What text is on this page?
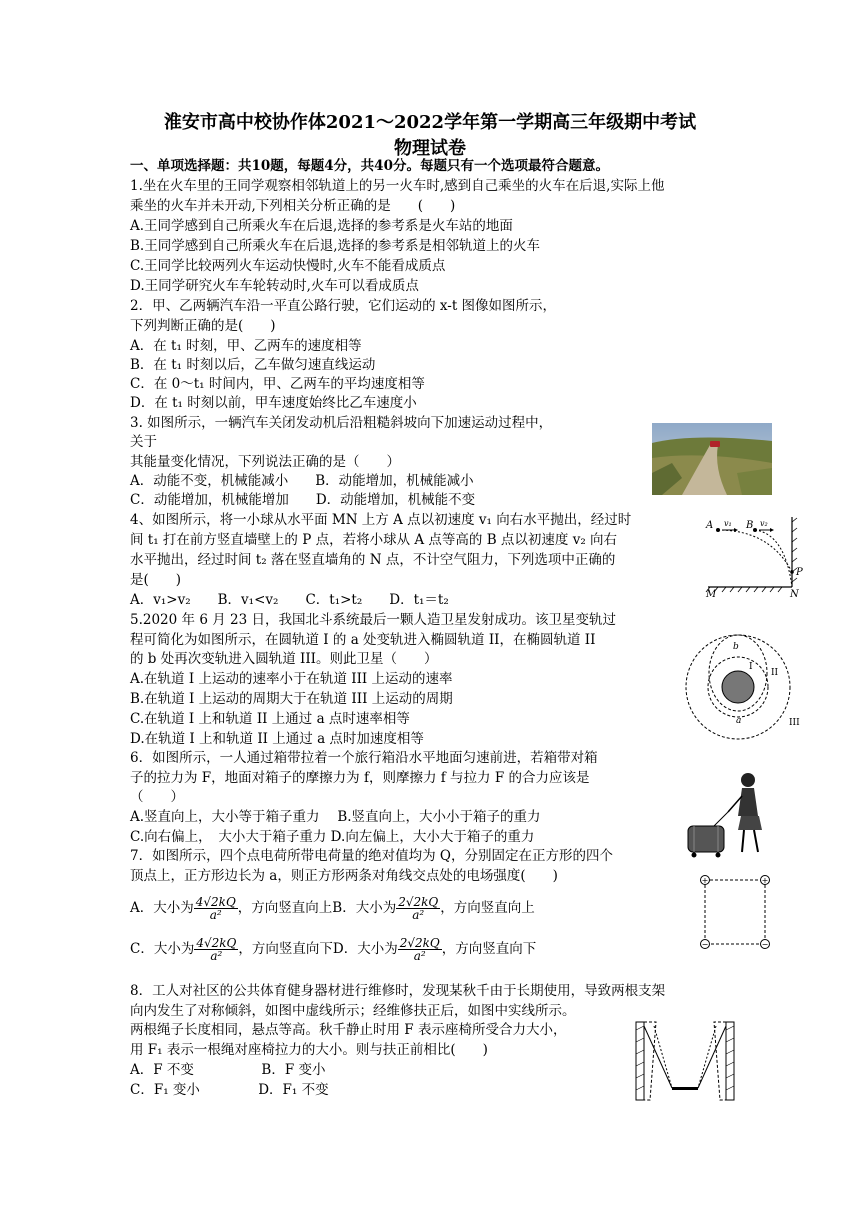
淮安市高中校协作体2021～2022学年第一学期高三年级期中考试
物理试卷
一、单项选择题：共10题，每题4分，共40分。每题只有一个选项最符合题意。
1.坐在火车里的王同学观察相邻轨道上的另一火车时,感到自己乘坐的火车在后退,实际上他
乘坐的火车并未开动,下列相关分析正确的是　　(　　)
A.王同学感到自己所乘火车在后退,选择的参考系是火车站的地面
B.王同学感到自己所乘火车在后退,选择的参考系是相邻轨道上的火车
C.王同学比较两列火车运动快慢时,火车不能看成质点
D.王同学研究火车车轮转动时,火车可以看成质点
2．甲、乙两辆汽车沿一平直公路行驶，它们运动的 x-t 图像如图所示，
下列判断正确的是(　　)
A．在 t₁ 时刻，甲、乙两车的速度相等
B．在 t₁ 时刻以后，乙车做匀速直线运动
C．在 0～t₁ 时间内，甲、乙两车的平均速度相等
D．在 t₁ 时刻以前，甲车速度始终比乙车速度小
3. 如图所示，一辆汽车关闭发动机后沿粗糙斜坡向下加速运动过程中，
关于
其能量变化情况，下列说法正确的是（　　）
A．动能不变，机械能减小　　B．动能增加，机械能减小
C．动能增加，机械能增加　　D．动能增加，机械能不变
4、如图所示，将一小球从水平面 MN 上方 A 点以初速度 v₁ 向右水平抛出，经过时
间 t₁ 打在前方竖直墙壁上的 P 点，若将小球从 A 点等高的 B 点以初速度 v₂ 向右
水平抛出，经过时间 t₂ 落在竖直墙角的 N 点，不计空气阻力，下列选项中正确的
是(　　)
A．v₁>v₂　　B．v₁<v₂　　C．t₁>t₂　　D．t₁＝t₂
A v₁ B v₂
P
M	N
5.2020 年 6 月 23 日，我国北斗系统最后一颗人造卫星发射成功。该卫星变轨过
程可简化为如图所示，在圆轨道 I 的 a 处变轨进入椭圆轨道 II，在椭圆轨道 II
的 b 处再次变轨进入圆轨道 III。则此卫星（　　）
A.在轨道 I 上运动的速率小于在轨道 III 上运动的速率
B.在轨道 I 上运动的周期大于在轨道 III 上运动的周期
C.在轨道 I 上和轨道 II 上通过 a 点时速率相等
D.在轨道 I 上和轨道 II 上通过 a 点时加速度相等
b
I
II
a	III
6．如图所示，一人通过箱带拉着一个旅行箱沿水平地面匀速前进，若箱带对箱
子的拉力为 F，地面对箱子的摩擦力为 f，则摩擦力 f 与拉力 F 的合力应该是
（　　）
A.竖直向上，大小等于箱子重力　 B.竖直向上，大小小于箱子的重力
C.向右偏上，　大小大于箱子重力 D.向左偏上，大小大于箱子的重力
7．如图所示，四个点电荷所带电荷量的绝对值均为 Q，分别固定在正方形的四个
顶点上，正方形边长为 a，则正方形两条对角线交点处的电场强度(　　)
A．大小为 $\frac{4√2kQ}{\text{a²}}$ ，方向竖直向上B．大小为 $\frac{2√2kQ}{\text{a²}}$ ，方向竖直向上
C．大小为 $\frac{4√2kQ}{\text{a²}}$ ，方向竖直向下D．大小为 $\frac{2√2kQ}{\text{a²}}$ ，方向竖直向下
+	+
−	−
8．工人对社区的公共体育健身器材进行维修时，发现某秋千由于长期使用，导致两根支架
向内发生了对称倾斜，如图中虚线所示；经维修扶正后，如图中实线所示。
两根绳子长度相同，悬点等高。秋千静止时用 F 表示座椅所受合力大小，
用 F₁ 表示一根绳对座椅拉力的大小。则与扶正前相比(　　)
A．F 不变　　　　　B．F 变小
C．F₁ 变小　　　　 D．F₁ 不变
